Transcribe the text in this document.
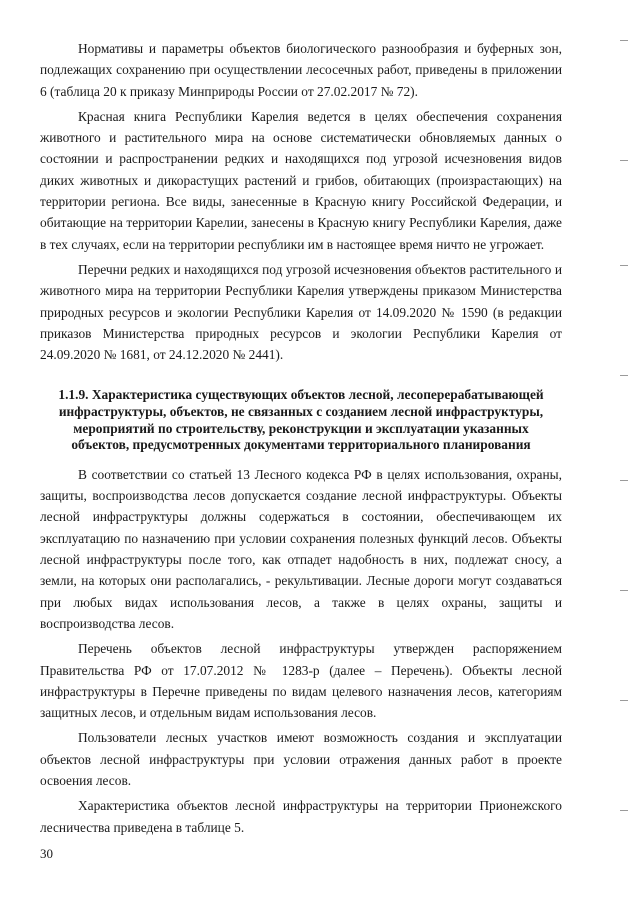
Нормативы и параметры объектов биологического разнообразия и буферных зон, подлежащих сохранению при осуществлении лесосечных работ, приведены в приложении 6 (таблица 20 к приказу Минприроды России от 27.02.2017 № 72).

Красная книга Республики Карелия ведется в целях обеспечения сохранения животного и растительного мира на основе систематически обновляемых данных о состоянии и распространении редких и находящихся под угрозой исчезновения видов диких животных и дикорастущих растений и грибов, обитающих (произрастающих) на территории региона. Все виды, занесенные в Красную книгу Российской Федерации, и обитающие на территории Карелии, занесены в Красную книгу Республики Карелия, даже в тех случаях, если на территории республики им в настоящее время ничто не угрожает.

Перечни редких и находящихся под угрозой исчезновения объектов растительного и животного мира на территории Республики Карелия утверждены приказом Министерства природных ресурсов и экологии Республики Карелия от 14.09.2020 № 1590 (в редакции приказов Министерства природных ресурсов и экологии Республики Карелия от 24.09.2020 № 1681, от 24.12.2020 № 2441).

1.1.9. Характеристика существующих объектов лесной, лесоперерабатывающей инфраструктуры, объектов, не связанных с созданием лесной инфраструктуры, мероприятий по строительству, реконструкции и эксплуатации указанных объектов, предусмотренных документами территориального планирования

В соответствии со статьей 13 Лесного кодекса РФ в целях использования, охраны, защиты, воспроизводства лесов допускается создание лесной инфраструктуры. Объекты лесной инфраструктуры должны содержаться в состоянии, обеспечивающем их эксплуатацию по назначению при условии сохранения полезных функций лесов. Объекты лесной инфраструктуры после того, как отпадет надобность в них, подлежат сносу, а земли, на которых они располагались, - рекультивации. Лесные дороги могут создаваться при любых видах использования лесов, а также в целях охраны, защиты и воспроизводства лесов.

Перечень объектов лесной инфраструктуры утвержден распоряжением Правительства РФ от 17.07.2012 № 1283-р (далее – Перечень). Объекты лесной инфраструктуры в Перечне приведены по видам целевого назначения лесов, категориям защитных лесов, и отдельным видам использования лесов.

Пользователи лесных участков имеют возможность создания и эксплуатации объектов лесной инфраструктуры при условии отражения данных работ в проекте освоения лесов.

Характеристика объектов лесной инфраструктуры на территории Прионежского лесничества приведена в таблице 5.

30
